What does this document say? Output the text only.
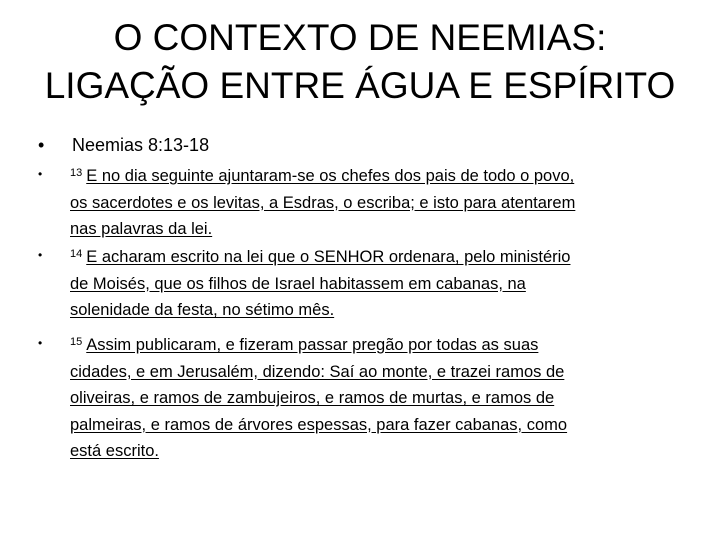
O CONTEXTO DE NEEMIAS:
LIGAÇÃO ENTRE ÁGUA E ESPÍRITO
• Neemias 8:13-18
•	13 E no dia seguinte ajuntaram-se os chefes dos pais de todo o povo,
os sacerdotes e os levitas, a Esdras, o escriba; e isto para atentarem
nas palavras da lei.
•	14 E acharam escrito na lei que o SENHOR ordenara, pelo ministério
de Moisés, que os filhos de Israel habitassem em cabanas, na
solenidade da festa, no sétimo mês.
•	15 Assim publicaram, e fizeram passar pregão por todas as suas
cidades, e em Jerusalém, dizendo: Saí ao monte, e trazei ramos de
oliveiras, e ramos de zambujeiros, e ramos de murtas, e ramos de
palmeiras, e ramos de árvores espessas, para fazer cabanas, como
está escrito.
